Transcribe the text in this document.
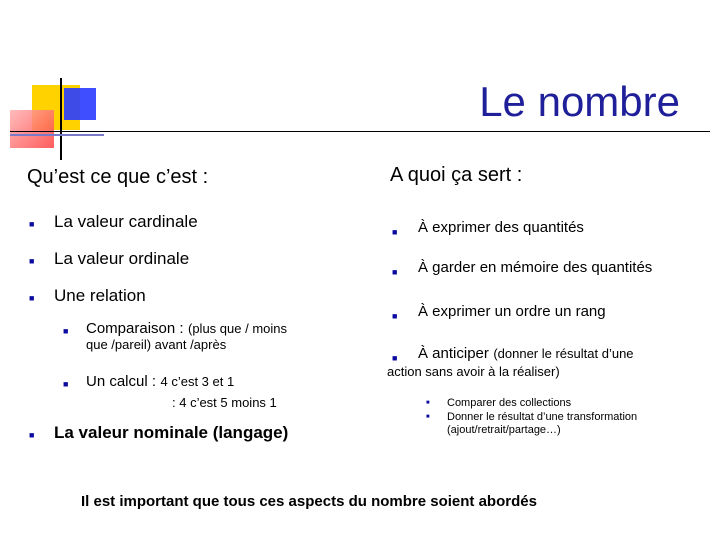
Le nombre
Qu’est ce que c’est :
■ La valeur cardinale
■ La valeur ordinale
■ Une relation
■ Comparaison : (plus que / moins
que /pareil) avant /après
■ Un calcul : 4 c’est 3 et 1
: 4 c’est 5 moins 1
■ La valeur nominale (langage)
A quoi ça sert :
■ À exprimer des quantités
■ À garder en mémoire des quantités
■ À exprimer un ordre un rang
■ À anticiper (donner le résultat d’une
action sans avoir à la réaliser)
■ Comparer des collections
■ Donner le résultat d’une transformation
(ajout/retrait/partage…)
Il est important que tous ces aspects du nombre soient abordés
